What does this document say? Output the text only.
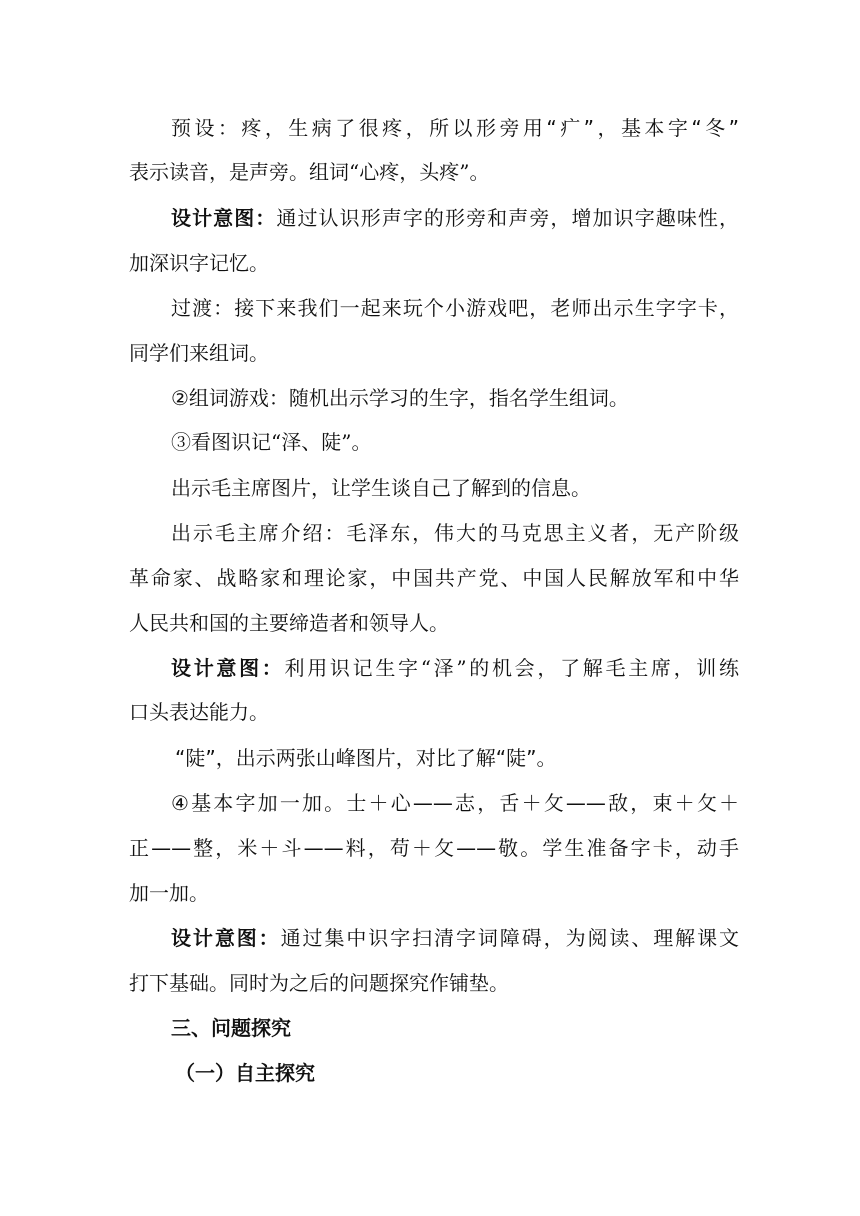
预设：疼，生病了很疼，所以形旁用“疒”，基本字“冬”
表示读音，是声旁。组词“心疼，头疼”。
设计意图：通过认识形声字的形旁和声旁，增加识字趣味性，
加深识字记忆。
过渡：接下来我们一起来玩个小游戏吧，老师出示生字字卡，
同学们来组词。
②组词游戏：随机出示学习的生字，指名学生组词。
③看图识记“泽、陡”。
出示毛主席图片，让学生谈自己了解到的信息。
出示毛主席介绍：毛泽东，伟大的马克思主义者，无产阶级
革命家、战略家和理论家，中国共产党、中国人民解放军和中华
人民共和国的主要缔造者和领导人。
设计意图：利用识记生字“泽”的机会，了解毛主席，训练
口头表达能力。
“陡”，出示两张山峰图片，对比了解“陡”。
④基本字加一加。士＋心——志，舌＋攵——敌，束＋攵＋
正——整，米＋斗——料，苟＋攵——敬。学生准备字卡，动手
加一加。
设计意图：通过集中识字扫清字词障碍，为阅读、理解课文
打下基础。同时为之后的问题探究作铺垫。
三、问题探究
（一）自主探究
